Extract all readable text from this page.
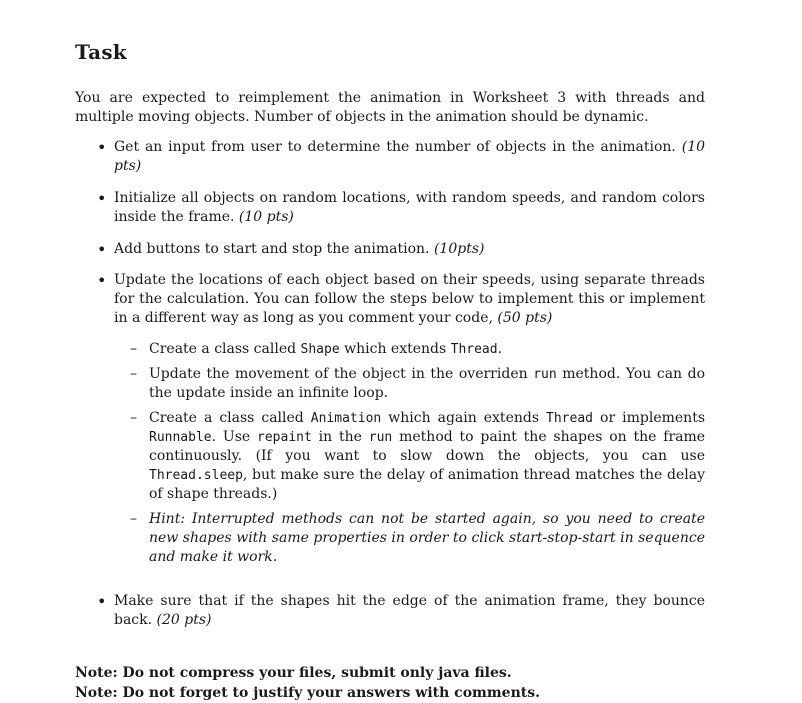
Task

You are expected to reimplement the animation in Worksheet 3 with threads and multiple moving objects. Number of objects in the animation should be dynamic.

• Get an input from user to determine the number of objects in the animation. (10 pts)
• Initialize all objects on random locations, with random speeds, and random colors inside the frame. (10 pts)
• Add buttons to start and stop the animation. (10pts)
• Update the locations of each object based on their speeds, using separate threads for the calculation. You can follow the steps below to implement this or implement in a different way as long as you comment your code, (50 pts)
– Create a class called Shape which extends Thread.
– Update the movement of the object in the overriden run method. You can do the update inside an infinite loop.
– Create a class called Animation which again extends Thread or implements Runnable. Use repaint in the run method to paint the shapes on the frame continuously. (If you want to slow down the objects, you can use Thread.sleep, but make sure the delay of animation thread matches the delay of shape threads.)
– Hint: Interrupted methods can not be started again, so you need to create new shapes with same properties in order to click start-stop-start in sequence and make it work.
• Make sure that if the shapes hit the edge of the animation frame, they bounce back. (20 pts)

Note: Do not compress your files, submit only java files.

Note: Do not forget to justify your answers with comments.
